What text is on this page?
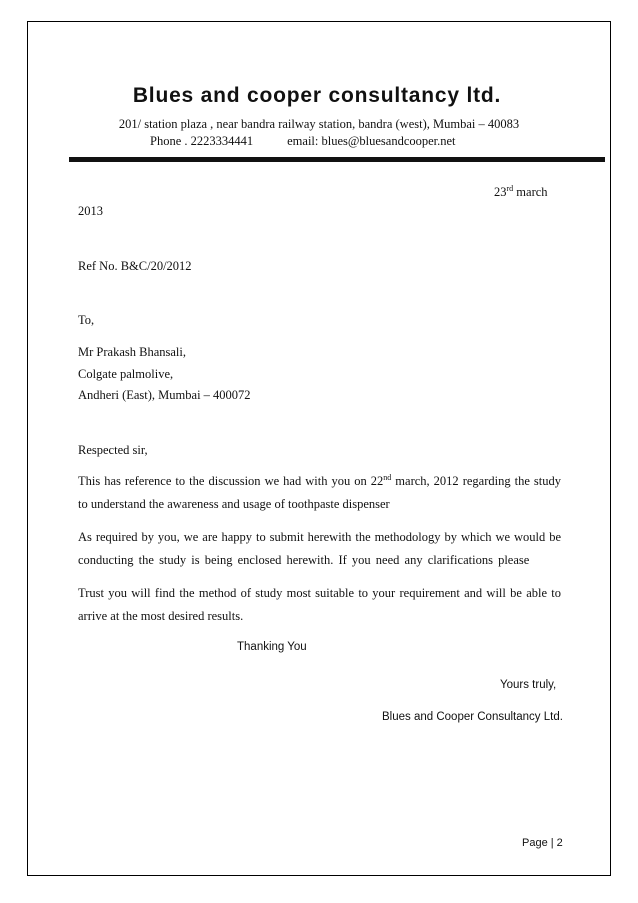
Blues and cooper consultancy ltd.
201/ station plaza , near bandra railway station, bandra (west), Mumbai – 40083
Phone . 2223334441	email: blues@bluesandcooper.net
23rd march
2013
Ref No. B&C/20/2012
To,
Mr Prakash Bhansali,
Colgate palmolive,
Andheri (East), Mumbai – 400072
Respected sir,
This has reference to the discussion we had with you on 22nd march, 2012 regarding the study
to understand the awareness and usage of toothpaste dispenser
As required by you, we are happy to submit herewith the methodology by which we would be
conducting the study is being enclosed herewith. If you need any clarifications please
Trust you will find the method of study most suitable to your requirement and will be able to
arrive at the most desired results.
Thanking You
Yours truly,
Blues and Cooper Consultancy Ltd.
Page | 2
